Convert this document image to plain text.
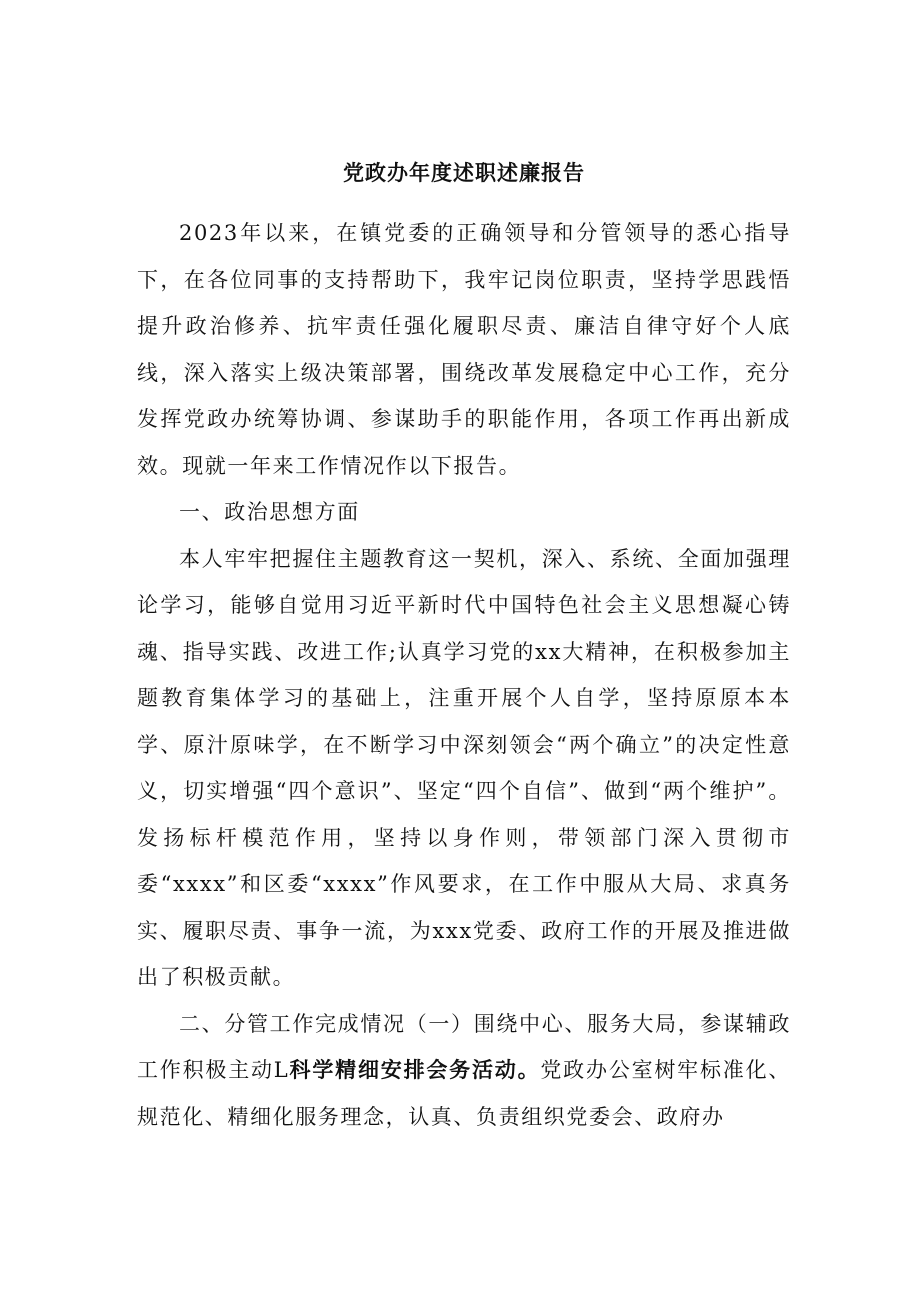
党政办年度述职述廉报告

2023年以来，在镇党委的正确领导和分管领导的悉心指导下，在各位同事的支持帮助下，我牢记岗位职责，坚持学思践悟提升政治修养、抗牢责任强化履职尽责、廉洁自律守好个人底线，深入落实上级决策部署，围绕改革发展稳定中心工作，充分发挥党政办统筹协调、参谋助手的职能作用，各项工作再出新成效。现就一年来工作情况作以下报告。

一、政治思想方面

本人牢牢把握住主题教育这一契机，深入、系统、全面加强理论学习，能够自觉用习近平新时代中国特色社会主义思想凝心铸魂、指导实践、改进工作;认真学习党的xx大精神，在积极参加主题教育集体学习的基础上，注重开展个人自学，坚持原原本本学、原汁原味学，在不断学习中深刻领会“两个确立”的决定性意义，切实增强“四个意识”、坚定“四个自信”、做到“两个维护”。发扬标杆模范作用，坚持以身作则，带领部门深入贯彻市委“xxxx”和区委“xxxx”作风要求，在工作中服从大局、求真务实、履职尽责、事争一流，为xxx党委、政府工作的开展及推进做出了积极贡献。

二、分管工作完成情况（一）围绕中心、服务大局，参谋辅政工作积极主动L科学精细安排会务活动。党政办公室树牢标准化、规范化、精细化服务理念，认真、负责组织党委会、政府办
